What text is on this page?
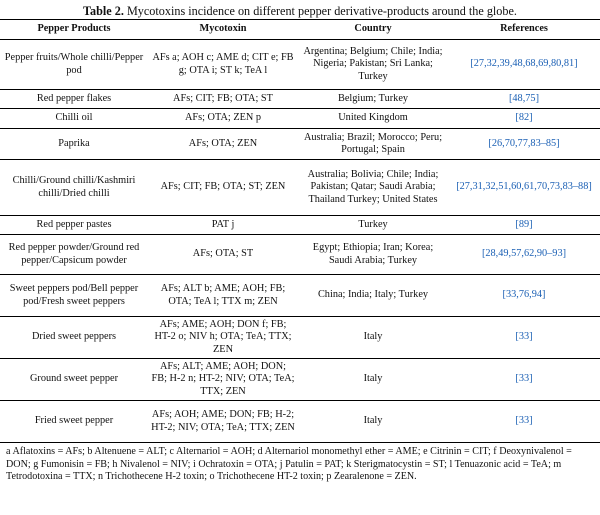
Table 2. Mycotoxins incidence on different pepper derivative-products around the globe.
Pepper Products	Mycotoxin	Country	References
Pepper fruits/Whole chilli/Pepper pod	AFs a; AOH c; AME d; CIT e; FB g; OTA i; ST k; TeA l	Argentina; Belgium; Chile; India; Nigeria; Pakistan; Sri Lanka; Turkey	[27,32,39,48,68,69,80,81]
Red pepper flakes	AFs; CIT; FB; OTA; ST	Belgium; Turkey	[48,75]
Chilli oil	AFs; OTA; ZEN p	United Kingdom	[82]
Paprika	AFs; OTA; ZEN	Australia; Brazil; Morocco; Peru; Portugal; Spain	[26,70,77,83–85]
Chilli/Ground chilli/Kashmiri chilli/Dried chilli	AFs; CIT; FB; OTA; ST; ZEN	Australia; Bolivia; Chile; India; Pakistan; Qatar; Saudi Arabia; Thailand Turkey; United States	[27,31,32,51,60,61,70,73,83–88]
Red pepper pastes	PAT j	Turkey	[89]
Red pepper powder/Ground red pepper/Capsicum powder	AFs; OTA; ST	Egypt; Ethiopia; Iran; Korea; Saudi Arabia; Turkey	[28,49,57,62,90–93]
Sweet peppers pod/Bell pepper pod/Fresh sweet peppers	AFs; ALT b; AME; AOH; FB; OTA; TeA l; TTX m; ZEN	China; India; Italy; Turkey	[33,76,94]
Dried sweet peppers	AFs; AME; AOH; DON f; FB; HT-2 o; NIV h; OTA; TeA; TTX; ZEN	Italy	[33]
Ground sweet pepper	AFs; ALT; AME; AOH; DON; FB; H-2 n; HT-2; NIV; OTA; TeA; TTX; ZEN	Italy	[33]
Fried sweet pepper	AFs; AOH; AME; DON; FB; H-2; HT-2; NIV; OTA; TeA; TTX; ZEN	Italy	[33]
a Aflatoxins = AFs; b Altenuene = ALT; c Alternariol = AOH; d Alternariol monomethyl ether = AME; e Citrinin = CIT; f Deoxynivalenol = DON; g Fumonisin = FB; h Nivalenol = NIV; i Ochratoxin = OTA; j Patulin = PAT; k Sterigmatocystin = ST; l Tenuazonic acid = TeA; m Tetrodotoxina = TTX; n Trichothecene H-2 toxin; o Trichothecene HT-2 toxin; p Zearalenone = ZEN.
